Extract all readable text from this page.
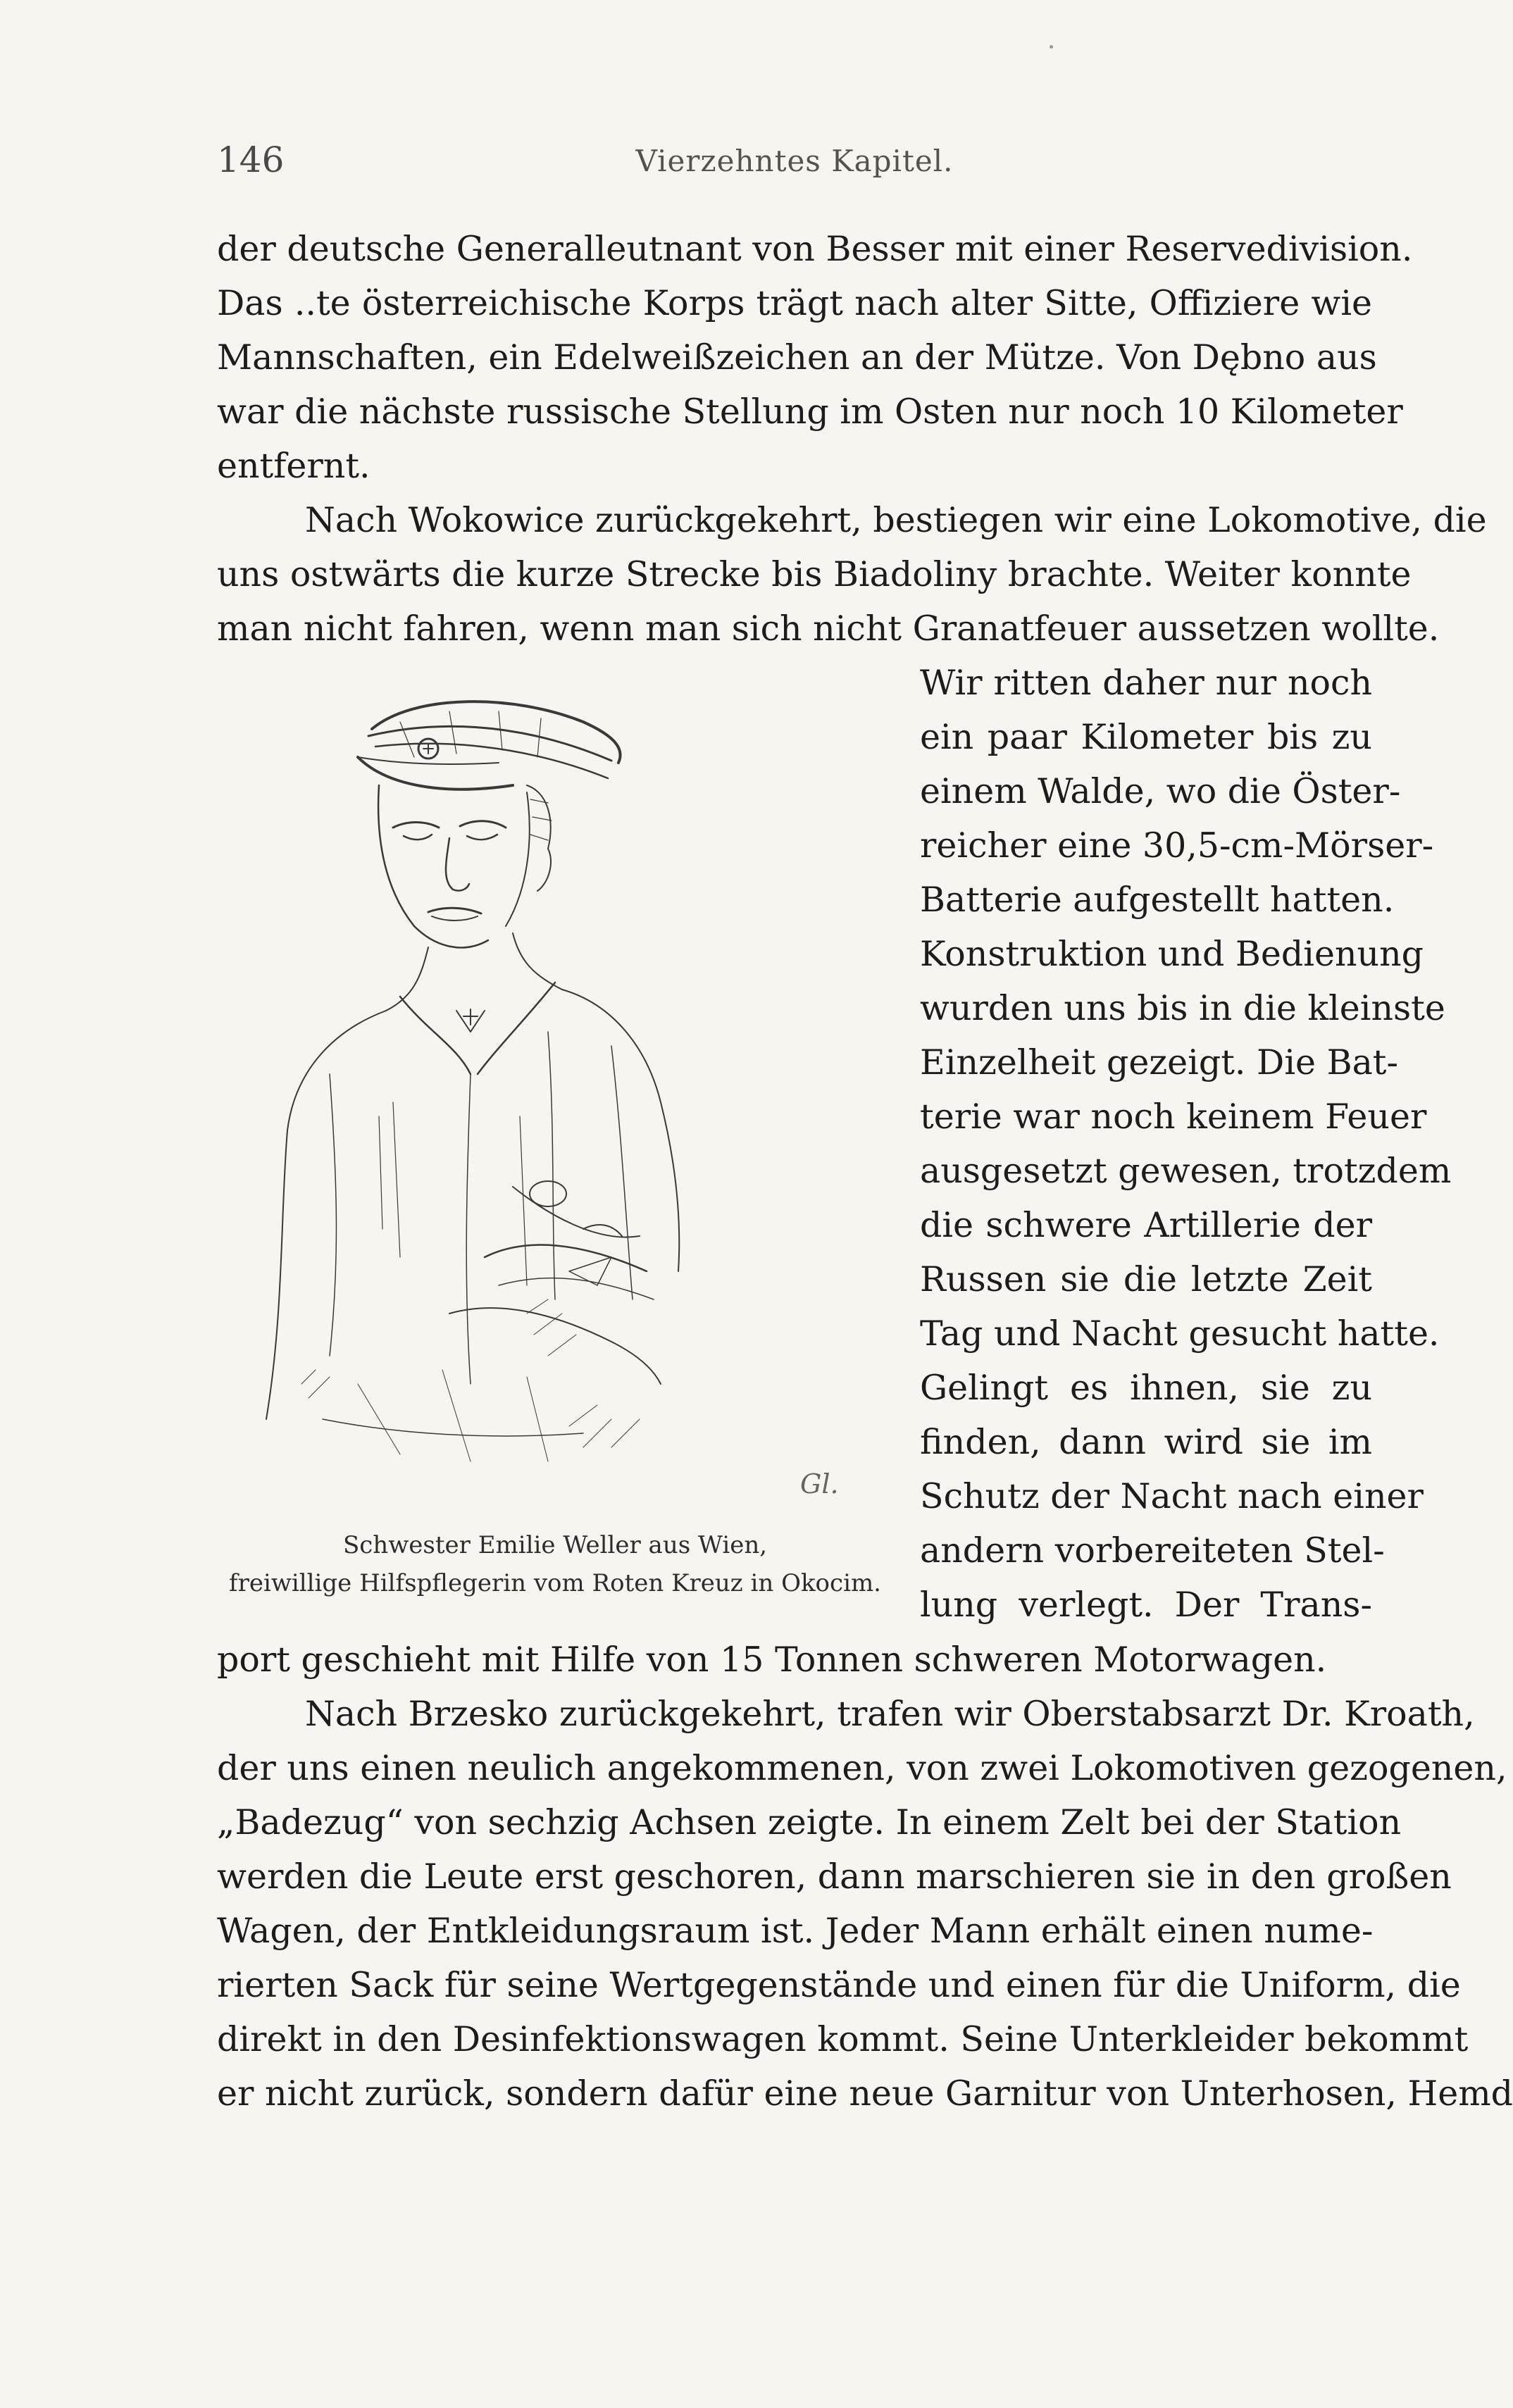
146	Vierzehntes Kapitel.
der deutsche Generalleutnant von Besser mit einer Reservedivision.
Das ..te österreichische Korps trägt nach alter Sitte, Offiziere wie
Mannschaften, ein Edelweißzeichen an der Mütze. Von Dębno aus
war die nächste russische Stellung im Osten nur noch 10 Kilometer
entfernt.
Nach Wokowice zurückgekehrt, bestiegen wir eine Lokomotive, die
uns ostwärts die kurze Strecke bis Biadoliny brachte. Weiter konnte
man nicht fahren, wenn man sich nicht Granatfeuer aussetzen wollte.
Gl.
Schwester Emilie Weller aus Wien,
freiwillige Hilfspflegerin vom Roten Kreuz in Okocim.
Wir ritten daher nur noch
ein paar Kilometer bis zu
einem Walde, wo die Öster-
reicher eine 30,5-cm-Mörser-
Batterie aufgestellt hatten.
Konstruktion und Bedienung
wurden uns bis in die kleinste
Einzelheit gezeigt. Die Bat-
terie war noch keinem Feuer
ausgesetzt gewesen, trotzdem
die schwere Artillerie der
Russen sie die letzte Zeit
Tag und Nacht gesucht hatte.
Gelingt es ihnen, sie zu
finden, dann wird sie im
Schutz der Nacht nach einer
andern vorbereiteten Stel-
lung verlegt. Der Trans-
port geschieht mit Hilfe von 15 Tonnen schweren Motorwagen.
Nach Brzesko zurückgekehrt, trafen wir Oberstabsarzt Dr. Kroath,
der uns einen neulich angekommenen, von zwei Lokomotiven gezogenen,
„Badezug“ von sechzig Achsen zeigte. In einem Zelt bei der Station
werden die Leute erst geschoren, dann marschieren sie in den großen
Wagen, der Entkleidungsraum ist. Jeder Mann erhält einen nume-
rierten Sack für seine Wertgegenstände und einen für die Uniform, die
direkt in den Desinfektionswagen kommt. Seine Unterkleider bekommt
er nicht zurück, sondern dafür eine neue Garnitur von Unterhosen, Hemd
